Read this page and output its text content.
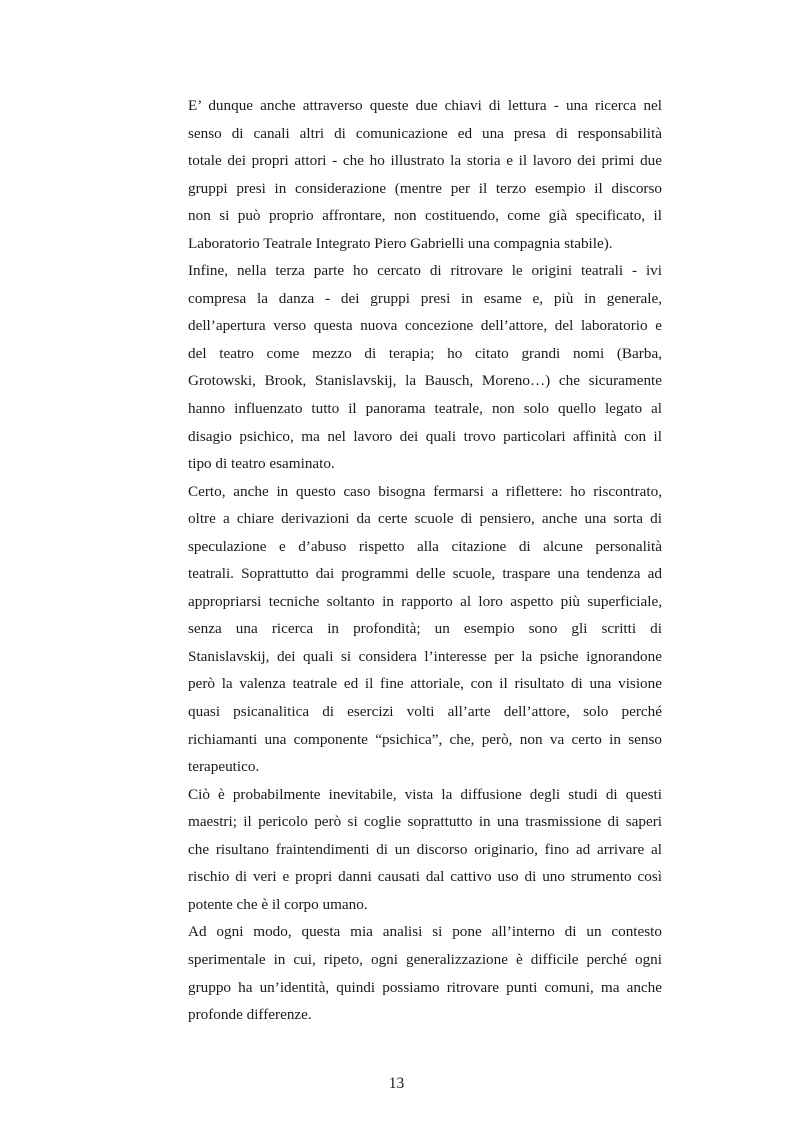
E’ dunque anche attraverso queste due chiavi di lettura - una ricerca nel
senso di canali altri di comunicazione ed una presa di responsabilità
totale dei propri attori - che ho illustrato la storia e il lavoro dei primi due
gruppi presi in considerazione (mentre per il terzo esempio il discorso
non si può proprio affrontare, non costituendo, come già specificato, il
Laboratorio Teatrale Integrato Piero Gabrielli una compagnia stabile).

Infine, nella terza parte ho cercato di ritrovare le origini teatrali - ivi
compresa la danza - dei gruppi presi in esame e, più in generale,
dell’apertura verso questa nuova concezione dell’attore, del laboratorio e
del teatro come mezzo di terapia; ho citato grandi nomi (Barba,
Grotowski, Brook, Stanislavskij, la Bausch, Moreno…) che sicuramente
hanno influenzato tutto il panorama teatrale, non solo quello legato al
disagio psichico, ma nel lavoro dei quali trovo particolari affinità con il
tipo di teatro esaminato.

Certo, anche in questo caso bisogna fermarsi a riflettere: ho riscontrato,
oltre a chiare derivazioni da certe scuole di pensiero, anche una sorta di
speculazione e d’abuso rispetto alla citazione di alcune personalità
teatrali. Soprattutto dai programmi delle scuole, traspare una tendenza ad
appropriarsi tecniche soltanto in rapporto al loro aspetto più superficiale,
senza una ricerca in profondità; un esempio sono gli scritti di
Stanislavskij, dei quali si considera l’interesse per la psiche ignorandone
però la valenza teatrale ed il fine attoriale, con il risultato di una visione
quasi psicanalitica di esercizi volti all’arte dell’attore, solo perché
richiamanti una componente “psichica”, che, però, non va certo in senso
terapeutico.

Ciò è probabilmente inevitabile, vista la diffusione degli studi di questi
maestri; il pericolo però si coglie soprattutto in una trasmissione di saperi
che risultano fraintendimenti di un discorso originario, fino ad arrivare al
rischio di veri e propri danni causati dal cattivo uso di uno strumento così
potente che è il corpo umano.

Ad ogni modo, questa mia analisi si pone all’interno di un contesto
sperimentale in cui, ripeto, ogni generalizzazione è difficile perché ogni
gruppo ha un’identità, quindi possiamo ritrovare punti comuni, ma anche
profonde differenze.

13
